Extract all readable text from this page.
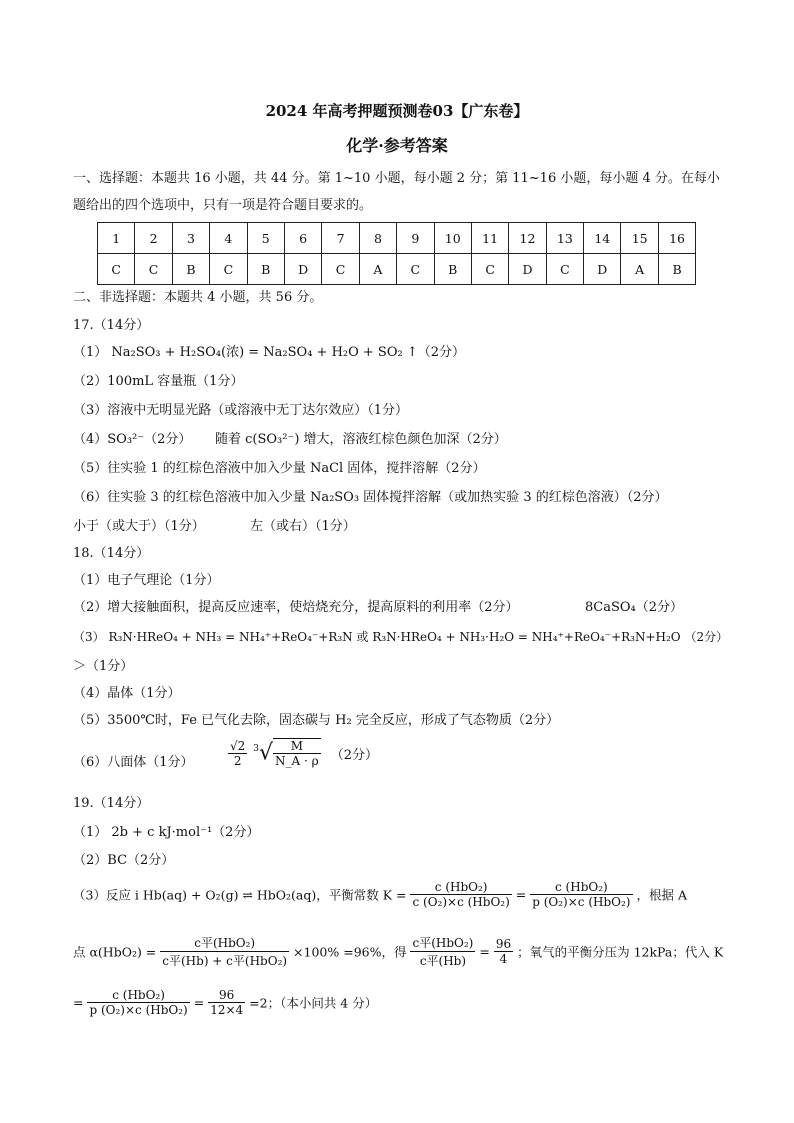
2024 年高考押题预测卷03【广东卷】
化学·参考答案
一、选择题：本题共 16 小题，共 44 分。第 1~10 小题，每小题 2 分；第 11~16 小题，每小题 4 分。在每小
题给出的四个选项中，只有一项是符合题目要求的。
1	2	3	4	5	6	7	8	9	10	11	12	13	14	15	16
C	C	B	C	B	D	C	A	C	B	C	D	C	D	A	B
二、非选择题：本题共 4 小题，共 56 分。
17.（14分）
（1） Na₂SO₃ + H₂SO₄(浓) = Na₂SO₄ + H₂O + SO₂ ↑（2分）
（2）100mL 容量瓶（1分）
（3）溶液中无明显光路（或溶液中无丁达尔效应）（1分）
（4）SO₃²⁻（2分） 随着 c(SO₃²⁻) 增大，溶液红棕色颜色加深（2分）
（5）往实验 1 的红棕色溶液中加入少量 NaCl 固体，搅拌溶解（2分）
（6）往实验 3 的红棕色溶液中加入少量 Na₂SO₃ 固体搅拌溶解（或加热实验 3 的红棕色溶液）（2分）
小于（或大于）（1分）	左（或右）（1分）
18.（14分）
（1）电子气理论（1分）
（2）增大接触面积，提高反应速率，使焙烧充分，提高原料的利用率（2分）	8CaSO₄（2分）
（3） R₃N·HReO₄ + NH₃ = NH₄⁺+ReO₄⁻+R₃N 或 R₃N·HReO₄ + NH₃·H₂O = NH₄⁺+ReO₄⁻+R₃N+H₂O （2分）
＞（1分）
（4）晶体（1分）
（5）3500℃时，Fe 已气化去除，固态碳与 H₂ 完全反应，形成了气态物质（2分）
（6）八面体（1分）	$\frac{√2}{2} ^3√ \frac{M}{N\_A \cdot \rho} (2$分）
19.（14分）
（1） 2b + c kJ·mol⁻¹（2分）
（2）BC（2分）
（3）反应 i Hb(aq) + O₂(g) ⇌ HbO₂(aq)，平衡常数 $K = \frac{\text{c (HbO₂)}}{\text{c (O₂)×c (HbO₂)}} = \frac{\text{c (HbO₂)}}{\text{p (O₂)×c (HbO₂)}}$ ，根据 A
点 $\alpha(HbO_2) = \frac{\text{c平(HbO₂)}}{\text{c平(Hb) + c平(HbO₂)}} \times 100\% =96\%$，得 $\frac{\text{c平(HbO₂)}}{\text{c平(Hb)}} = \frac{96}{4}$ ；氧气的平衡分压为 12kPa；代入 K
= $\frac{\text{c (HbO₂)}}{\text{p (O₂)×c (HbO₂)}} = \frac{96}{12\times 4} =2$；（本小问共 4 分）
